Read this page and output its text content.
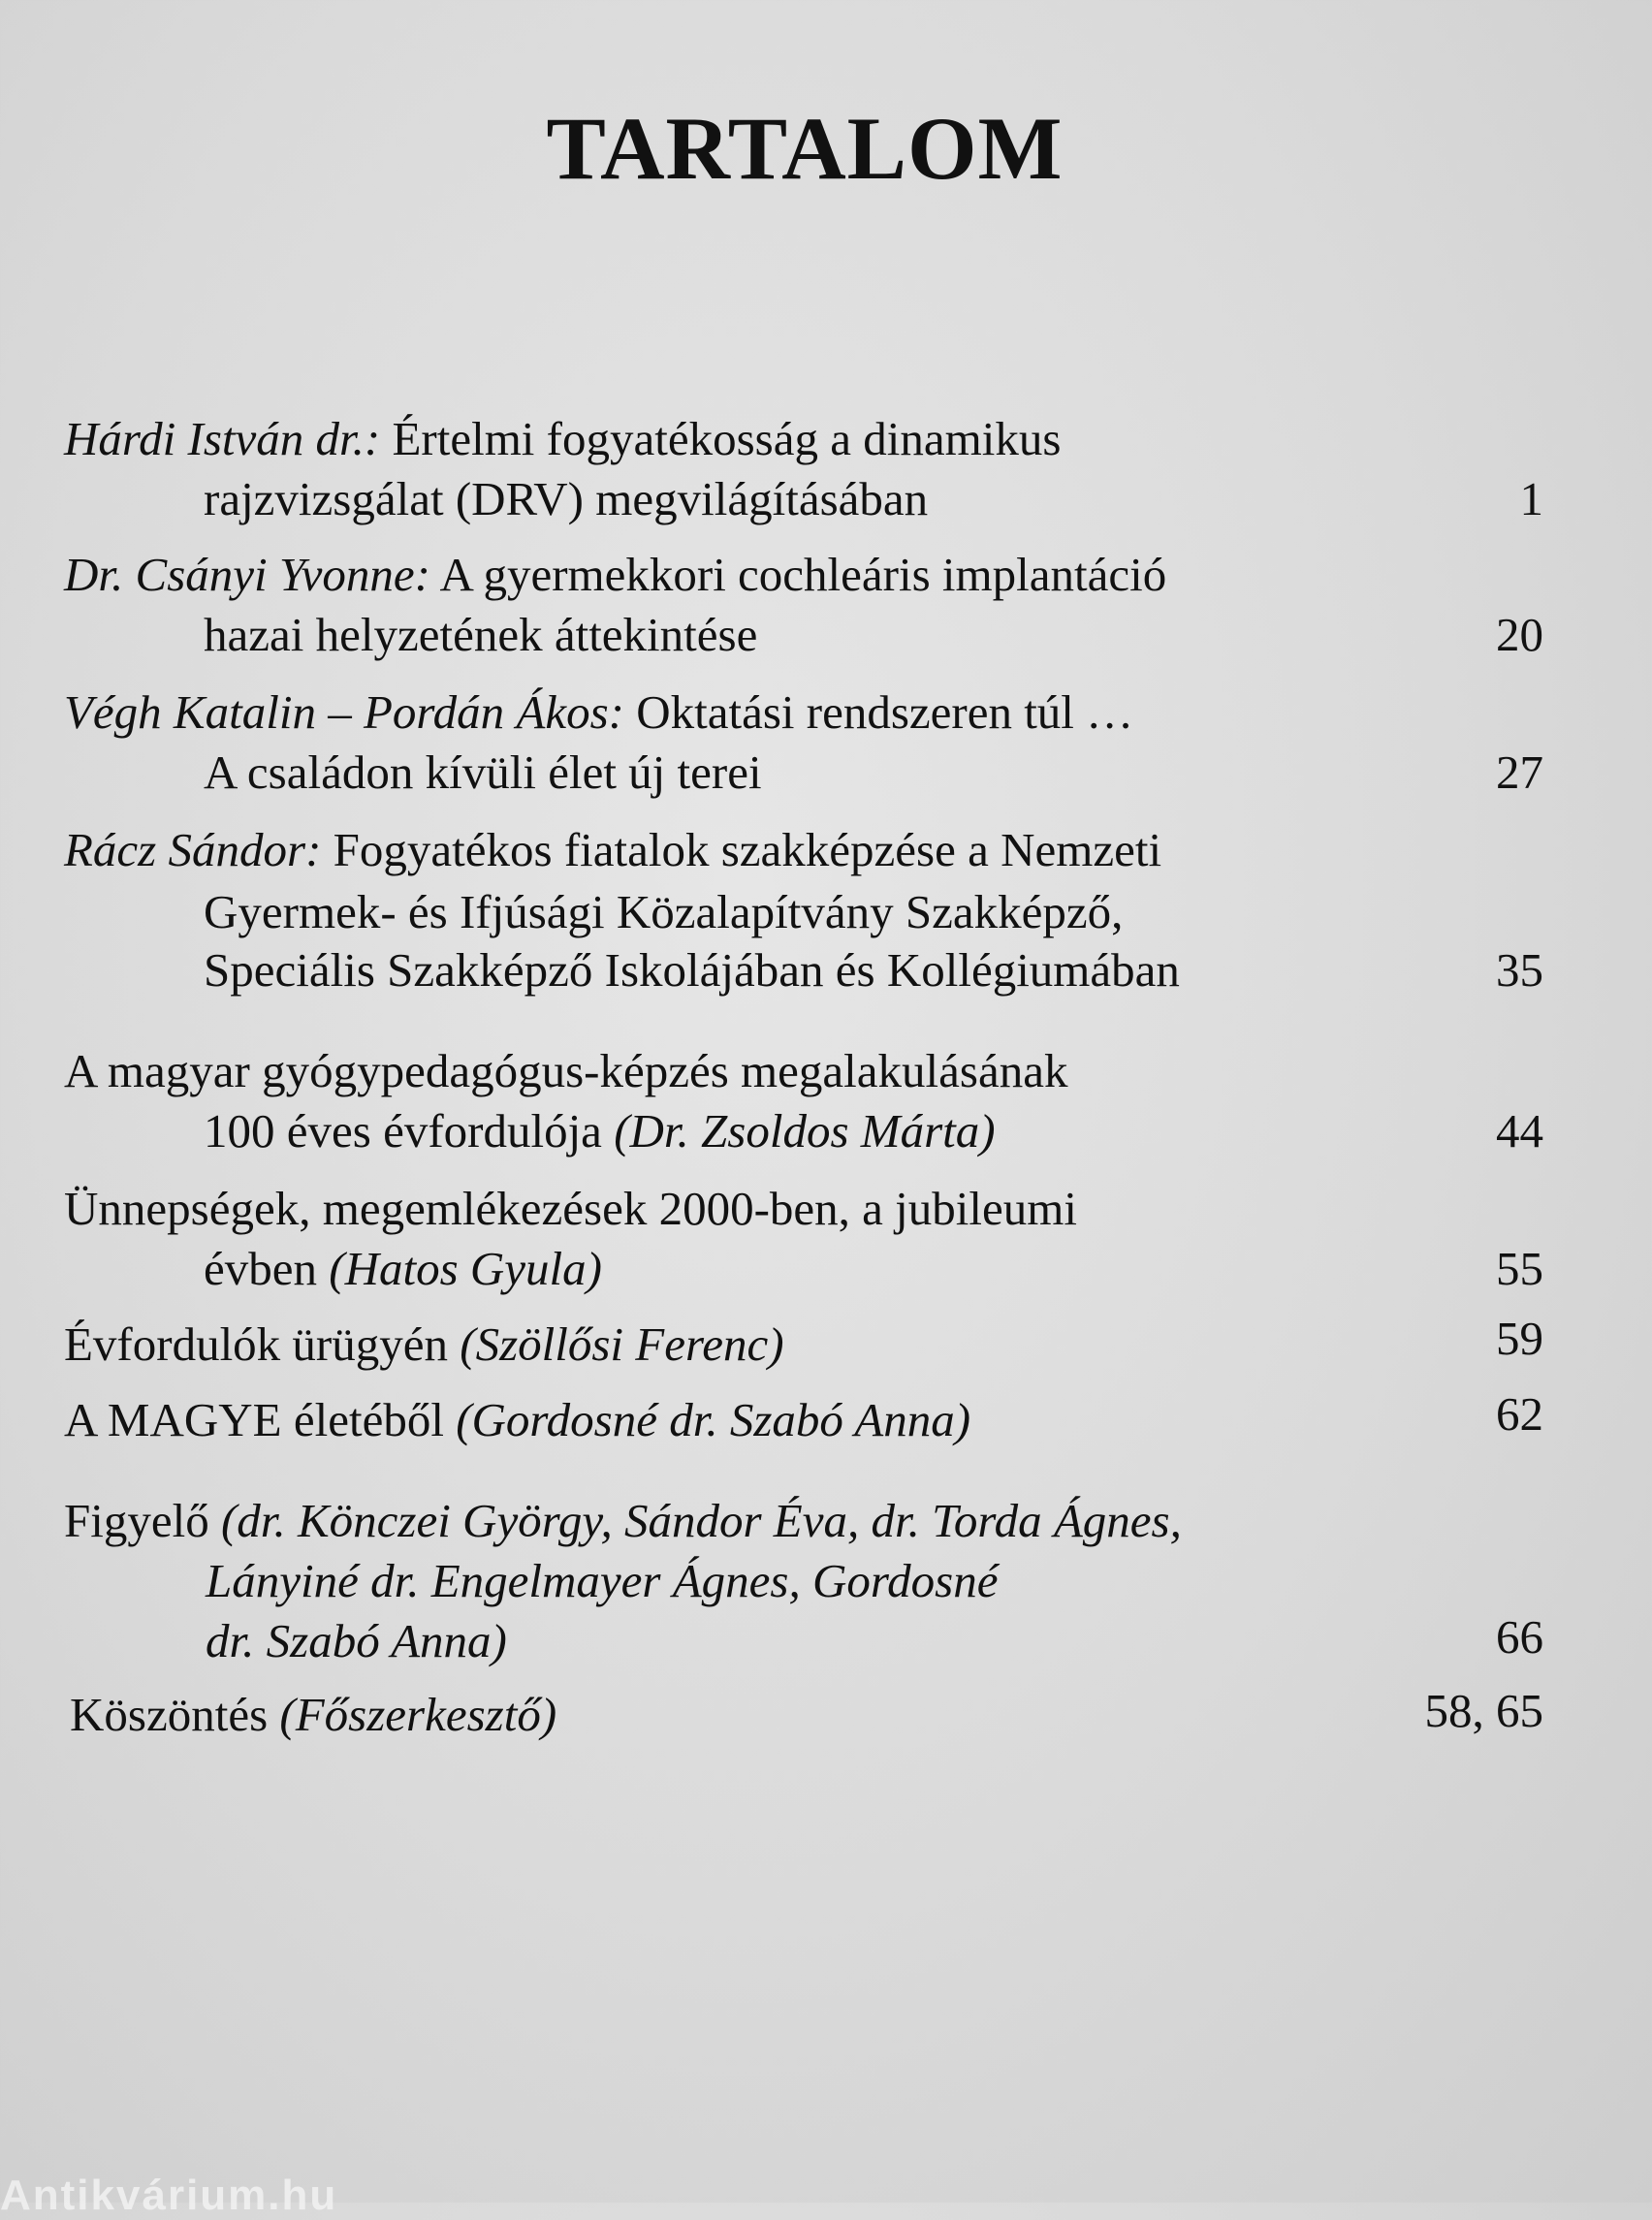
TARTALOM
Hárdi István dr.: Értelmi fogyatékosság a dinamikus
rajzvizsgálat (DRV) megvilágításában	1
Dr. Csányi Yvonne: A gyermekkori cochleáris implantáció
hazai helyzetének áttekintése	20
Végh Katalin – Pordán Ákos: Oktatási rendszeren túl …
A családon kívüli élet új terei	27
Rácz Sándor: Fogyatékos fiatalok szakképzése a Nemzeti
Gyermek- és Ifjúsági Közalapítvány Szakképző,
Speciális Szakképző Iskolájában és Kollégiumában	35
A magyar gyógypedagógus-képzés megalakulásának
100 éves évfordulója (Dr. Zsoldos Márta)	44
Ünnepségek, megemlékezések 2000-ben, a jubileumi
évben (Hatos Gyula)	55
Évfordulók ürügyén (Szöllősi Ferenc)	59
A MAGYE életéből (Gordosné dr. Szabó Anna)	62
Figyelő (dr. Könczei György, Sándor Éva, dr. Torda Ágnes,
Lányiné dr. Engelmayer Ágnes, Gordosné
dr. Szabó Anna)	66
Köszöntés (Főszerkesztő)	58, 65
Antikvárium.hu
